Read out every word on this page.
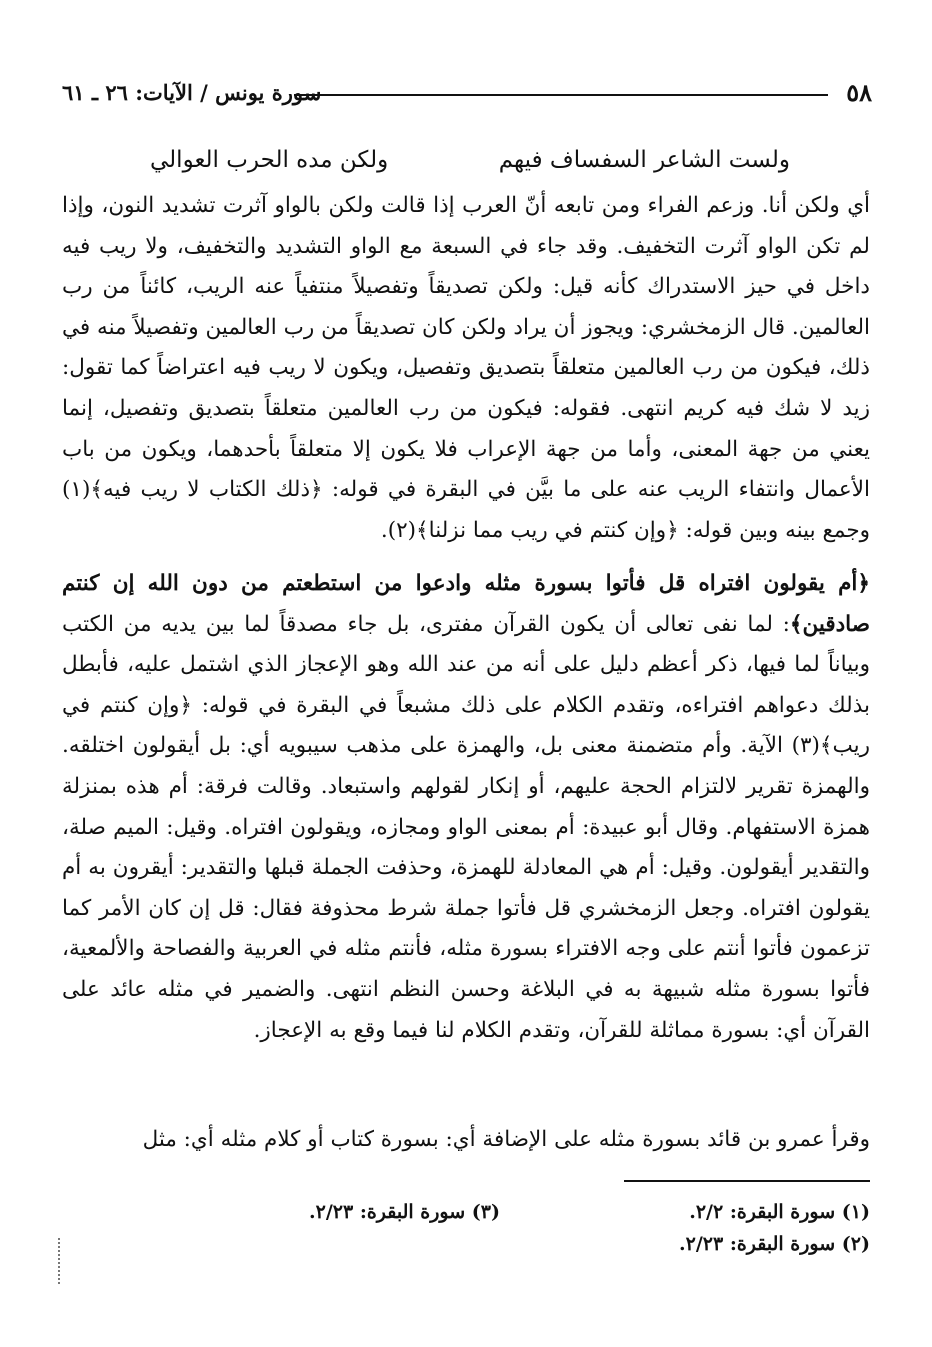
٥٨
سورة يونس / الآيات: ٢٦ ـ ٦١
ولست الشاعر السفساف فيهم
ولكن مده الحرب العوالي
أي ولكن أنا. وزعم الفراء ومن تابعه أنّ العرب إذا قالت ولكن بالواو آثرت تشديد النون، وإذا لم تكن الواو آثرت التخفيف. وقد جاء في السبعة مع الواو التشديد والتخفيف، ولا ريب فيه داخل في حيز الاستدراك كأنه قيل: ولكن تصديقاً وتفصيلاً منتفياً عنه الريب، كائناً من رب العالمين. قال الزمخشري: ويجوز أن يراد ولكن كان تصديقاً من رب العالمين وتفصيلاً منه في ذلك، فيكون من رب العالمين متعلقاً بتصديق وتفصيل، ويكون لا ريب فيه اعتراضاً كما تقول: زيد لا شك فيه كريم انتهى. فقوله: فيكون من رب العالمين متعلقاً بتصديق وتفصيل، إنما يعني من جهة المعنى، وأما من جهة الإعراب فلا يكون إلا متعلقاً بأحدهما، ويكون من باب الأعمال وانتفاء الريب عنه على ما بيَّن في البقرة في قوله: ﴿ذلك الكتاب لا ريب فيه﴾(١) وجمع بينه وبين قوله: ﴿وإن كنتم في ريب مما نزلنا﴾(٢).
﴿أم يقولون افتراه قل فأتوا بسورة مثله وادعوا من استطعتم من دون الله إن كنتم صادقين﴾: لما نفى تعالى أن يكون القرآن مفترى، بل جاء مصدقاً لما بين يديه من الكتب وبياناً لما فيها، ذكر أعظم دليل على أنه من عند الله وهو الإعجاز الذي اشتمل عليه، فأبطل بذلك دعواهم افتراءه، وتقدم الكلام على ذلك مشبعاً في البقرة في قوله: ﴿وإن كنتم في ريب﴾(٣) الآية. وأم متضمنة معنى بل، والهمزة على مذهب سيبويه أي: بل أيقولون اختلقه. والهمزة تقرير لالتزام الحجة عليهم، أو إنكار لقولهم واستبعاد. وقالت فرقة: أم هذه بمنزلة همزة الاستفهام. وقال أبو عبيدة: أم بمعنى الواو ومجازه، ويقولون افتراه. وقيل: الميم صلة، والتقدير أيقولون. وقيل: أم هي المعادلة للهمزة، وحذفت الجملة قبلها والتقدير: أيقرون به أم يقولون افتراه. وجعل الزمخشري قل فأتوا جملة شرط محذوفة فقال: قل إن كان الأمر كما تزعمون فأتوا أنتم على وجه الافتراء بسورة مثله، فأنتم مثله في العربية والفصاحة والألمعية، فأتوا بسورة مثله شبيهة به في البلاغة وحسن النظم انتهى. والضمير في مثله عائد على القرآن أي: بسورة مماثلة للقرآن، وتقدم الكلام لنا فيما وقع به الإعجاز.
وقرأ عمرو بن قائد بسورة مثله على الإضافة أي: بسورة كتاب أو كلام مثله أي: مثل
(١) سورة البقرة: ٢/٢.
(٢) سورة البقرة: ٢/٢٣.
(٣) سورة البقرة: ٢/٢٣.
